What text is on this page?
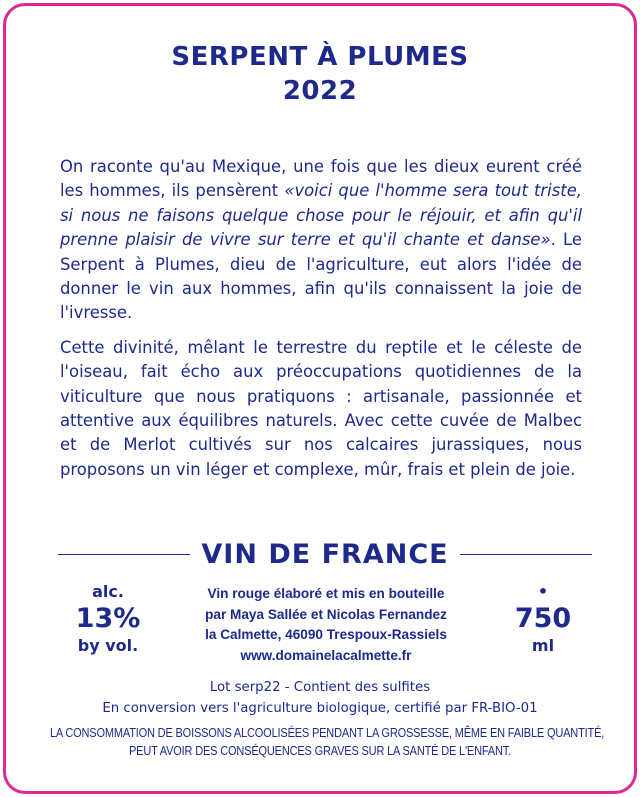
SERPENT À PLUMES
2022

On raconte qu'au Mexique, une fois que les dieux eurent créé les hommes, ils pensèrent «voici que l'homme sera tout triste, si nous ne faisons quelque chose pour le réjouir, et afin qu'il prenne plaisir de vivre sur terre et qu'il chante et danse». Le Serpent à Plumes, dieu de l'agriculture, eut alors l'idée de donner le vin aux hommes, afin qu'ils connaissent la joie de l'ivresse.

Cette divinité, mêlant le terrestre du reptile et le céleste de l'oiseau, fait écho aux préoccupations quotidiennes de la viticulture que nous pratiquons : artisanale, passionnée et attentive aux équilibres naturels. Avec cette cuvée de Malbec et de Merlot cultivés sur nos calcaires jurassiques, nous proposons un vin léger et complexe, mûr, frais et plein de joie.

VIN DE FRANCE
alc.
13%
by vol.
Vin rouge élaboré et mis en bouteille
par Maya Sallée et Nicolas Fernandez
la Calmette, 46090 Trespoux-Rassiels
www.domainelacalmette.fr
•
750
ml
Lot serp22 - Contient des sulfites
En conversion vers l'agriculture biologique, certifié par FR-BIO-01
LA CONSOMMATION DE BOISSONS ALCOOLISÉES PENDANT LA GROSSESSE, MÊME EN FAIBLE QUANTITÉ,
PEUT AVOIR DES CONSÉQUENCES GRAVES SUR LA SANTÉ DE L'ENFANT.
